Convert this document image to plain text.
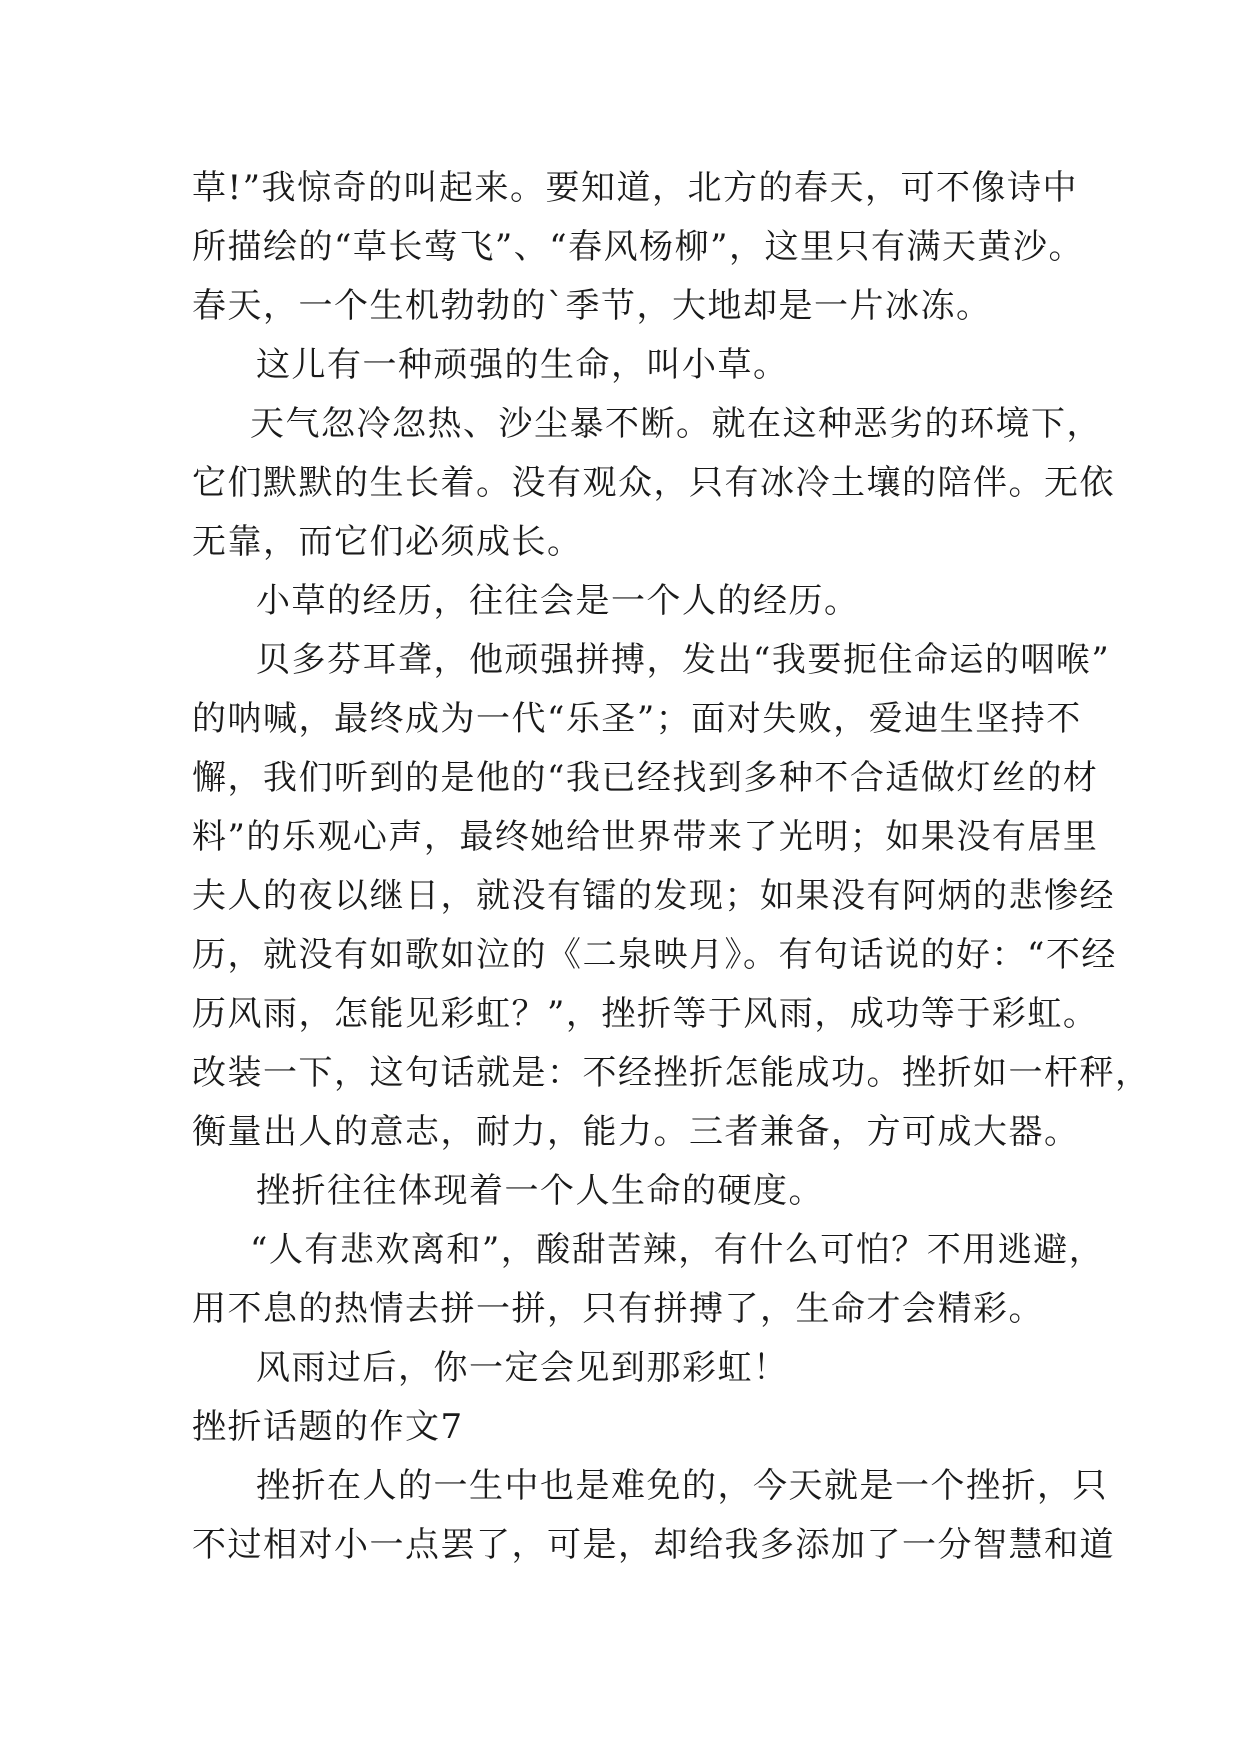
草!”我惊奇的叫起来。要知道，北方的春天，可不像诗中
所描绘的“草长莺飞”、“春风杨柳”，这里只有满天黄沙。
春天，一个生机勃勃的`季节，大地却是一片冰冻。
这儿有一种顽强的生命，叫小草。
天气忽冷忽热、沙尘暴不断。就在这种恶劣的环境下，
它们默默的生长着。没有观众，只有冰冷土壤的陪伴。无依
无靠，而它们必须成长。
小草的经历，往往会是一个人的经历。
贝多芬耳聋，他顽强拼搏，发出“我要扼住命运的咽喉”
的呐喊，最终成为一代“乐圣”；面对失败，爱迪生坚持不
懈，我们听到的是他的“我已经找到多种不合适做灯丝的材
料”的乐观心声，最终她给世界带来了光明；如果没有居里
夫人的夜以继日，就没有镭的发现；如果没有阿炳的悲惨经
历，就没有如歌如泣的《二泉映月》。有句话说的好：“不经
历风雨，怎能见彩虹？”，挫折等于风雨，成功等于彩虹。
改装一下，这句话就是：不经挫折怎能成功。挫折如一杆秤，
衡量出人的意志，耐力，能力。三者兼备，方可成大器。
挫折往往体现着一个人生命的硬度。
“人有悲欢离和”，酸甜苦辣，有什么可怕？不用逃避，
用不息的热情去拼一拼，只有拼搏了，生命才会精彩。
风雨过后，你一定会见到那彩虹！
挫折话题的作文7
挫折在人的一生中也是难免的，今天就是一个挫折，只
不过相对小一点罢了，可是，却给我多添加了一分智慧和道
